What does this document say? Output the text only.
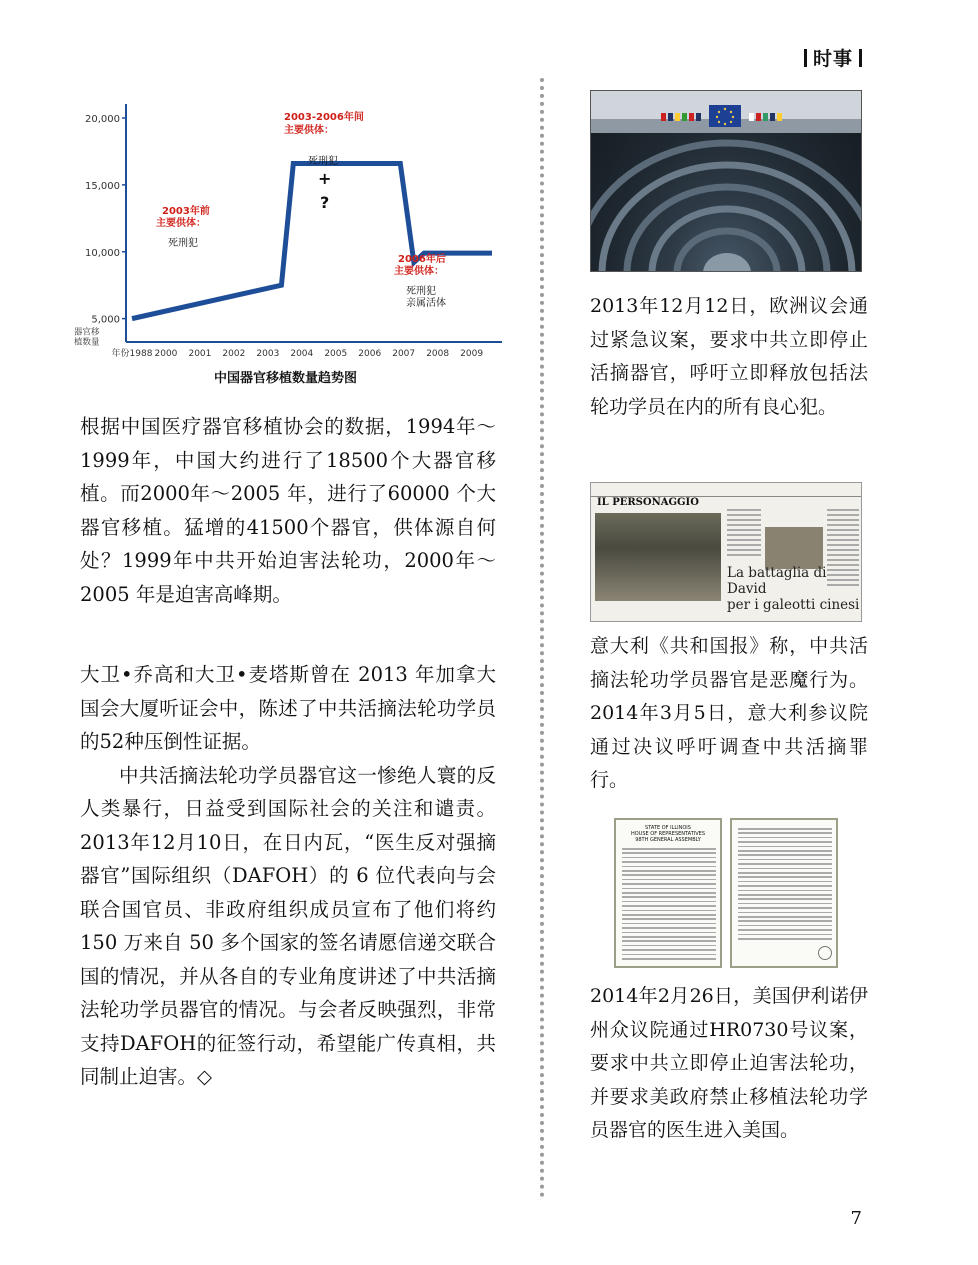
时事
20,000
15,000
10,000
5,000
器官移
植数量
年份1988 2000 2001 2002 2003 2004 2005 2006 2007 2008 2009
2003年前
主要供体：
死刑犯
2003-2006年间
主要供体：
死刑犯
+
?
2006年后
主要供体：
死刑犯
亲属活体
中国器官移植数量趋势图

根据中国医疗器官移植协会的数据，1994年～1999年，中国大约进行了18500个大器官移植。而2000年～2005 年，进行了60000 个大器官移植。猛增的41500个器官，供体源自何处？1999年中共开始迫害法轮功，2000年～2005 年是迫害高峰期。

大卫•乔高和大卫•麦塔斯曾在 2013 年加拿大国会大厦听证会中，陈述了中共活摘法轮功学员的52种压倒性证据。

中共活摘法轮功学员器官这一惨绝人寰的反人类暴行，日益受到国际社会的关注和谴责。2013年12月10日，在日内瓦，“医生反对强摘器官”国际组织（DAFOH）的 6 位代表向与会联合国官员、非政府组织成员宣布了他们将约 150 万来自 50 多个国家的签名请愿信递交联合国的情况，并从各自的专业角度讲述了中共活摘法轮功学员器官的情况。与会者反映强烈，非常支持DAFOH的征签行动，希望能广传真相，共同制止迫害。◇

2013年12月12日，欧洲议会通过紧急议案，要求中共立即停止活摘器官，呼吁立即释放包括法轮功学员在内的所有良心犯。

IL PERSONAGGIO
La battaglia di David
per i galeotti cinesi

意大利《共和国报》称，中共活摘法轮功学员器官是恶魔行为。2014年3月5日，意大利参议院通过决议呼吁调查中共活摘罪行。

STATE OF ILLINOIS
HOUSE OF REPRESENTATIVES
98TH GENERAL ASSEMBLY

2014年2月26日，美国伊利诺伊州众议院通过HR0730号议案，要求中共立即停止迫害法轮功，并要求美政府禁止移植法轮功学员器官的医生进入美国。

7
